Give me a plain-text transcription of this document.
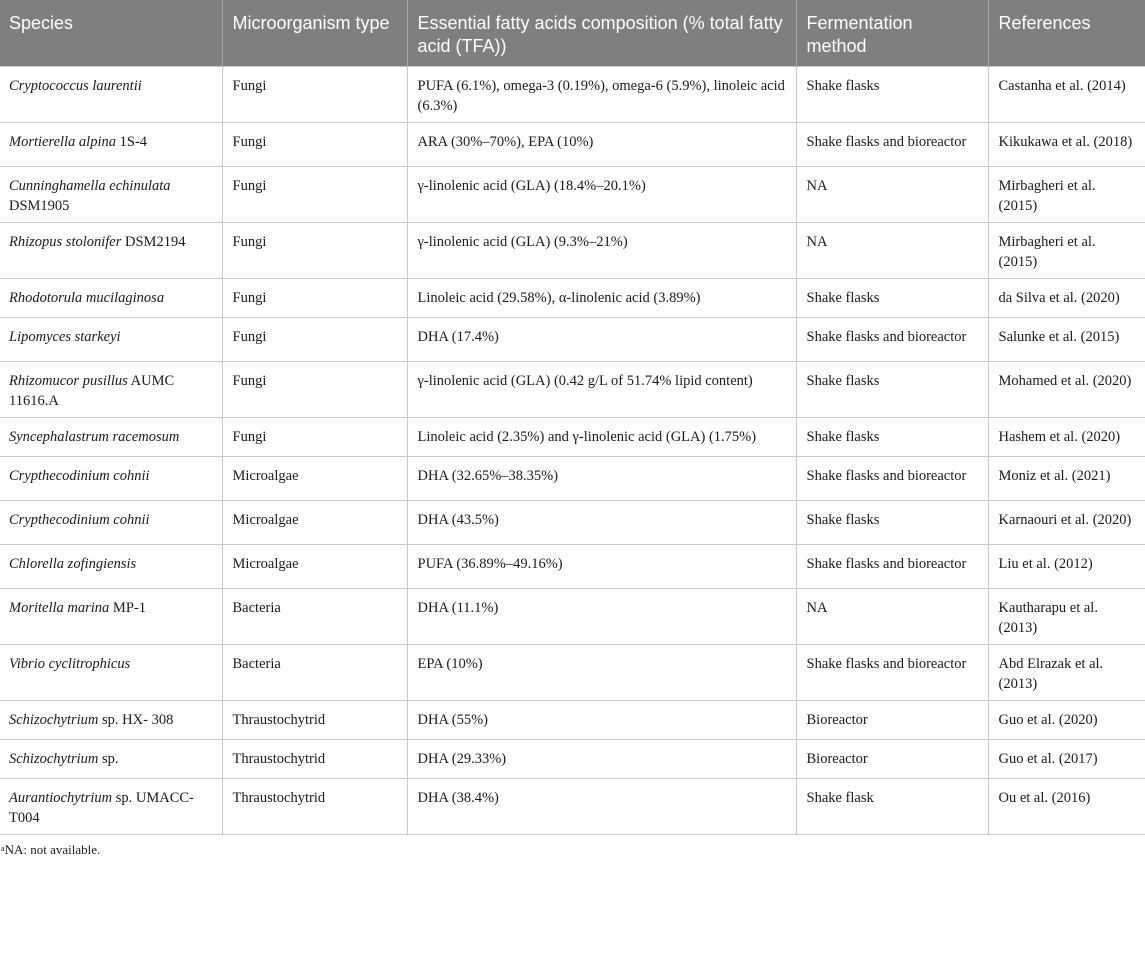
Species	Microorganism type	Essential fatty acids composition (% total fatty acid (TFA))	Fermentation method	References
Cryptococcus laurentii	Fungi	PUFA (6.1%), omega-3 (0.19%), omega-6 (5.9%), linoleic acid (6.3%)	Shake flasks	Castanha et al. (2014)
Mortierella alpina 1S-4	Fungi	ARA (30%–70%), EPA (10%)	Shake flasks and bioreactor	Kikukawa et al. (2018)
Cunninghamella echinulata DSM1905	Fungi	γ-linolenic acid (GLA) (18.4%–20.1%)	NA	Mirbagheri et al. (2015)
Rhizopus stolonifer DSM2194	Fungi	γ-linolenic acid (GLA) (9.3%–21%)	NA	Mirbagheri et al. (2015)
Rhodotorula mucilaginosa	Fungi	Linoleic acid (29.58%), α-linolenic acid (3.89%)	Shake flasks	da Silva et al. (2020)
Lipomyces starkeyi	Fungi	DHA (17.4%)	Shake flasks and bioreactor	Salunke et al. (2015)
Rhizomucor pusillus AUMC 11616.A	Fungi	γ-linolenic acid (GLA) (0.42 g/L of 51.74% lipid content)	Shake flasks	Mohamed et al. (2020)
Syncephalastrum racemosum	Fungi	Linoleic acid (2.35%) and γ-linolenic acid (GLA) (1.75%)	Shake flasks	Hashem et al. (2020)
Crypthecodinium cohnii	Microalgae	DHA (32.65%–38.35%)	Shake flasks and bioreactor	Moniz et al. (2021)
Crypthecodinium cohnii	Microalgae	DHA (43.5%)	Shake flasks	Karnaouri et al. (2020)
Chlorella zofingiensis	Microalgae	PUFA (36.89%–49.16%)	Shake flasks and bioreactor	Liu et al. (2012)
Moritella marina MP-1	Bacteria	DHA (11.1%)	NA	Kautharapu et al. (2013)
Vibrio cyclitrophicus	Bacteria	EPA (10%)	Shake flasks and bioreactor	Abd Elrazak et al. (2013)
Schizochytrium sp. HX- 308	Thraustochytrid	DHA (55%)	Bioreactor	Guo et al. (2020)
Schizochytrium sp.	Thraustochytrid	DHA (29.33%)	Bioreactor	Guo et al. (2017)
Aurantiochytrium sp. UMACC-T004	Thraustochytrid	DHA (38.4%)	Shake flask	Ou et al. (2016)
$^a$NA: not available.
